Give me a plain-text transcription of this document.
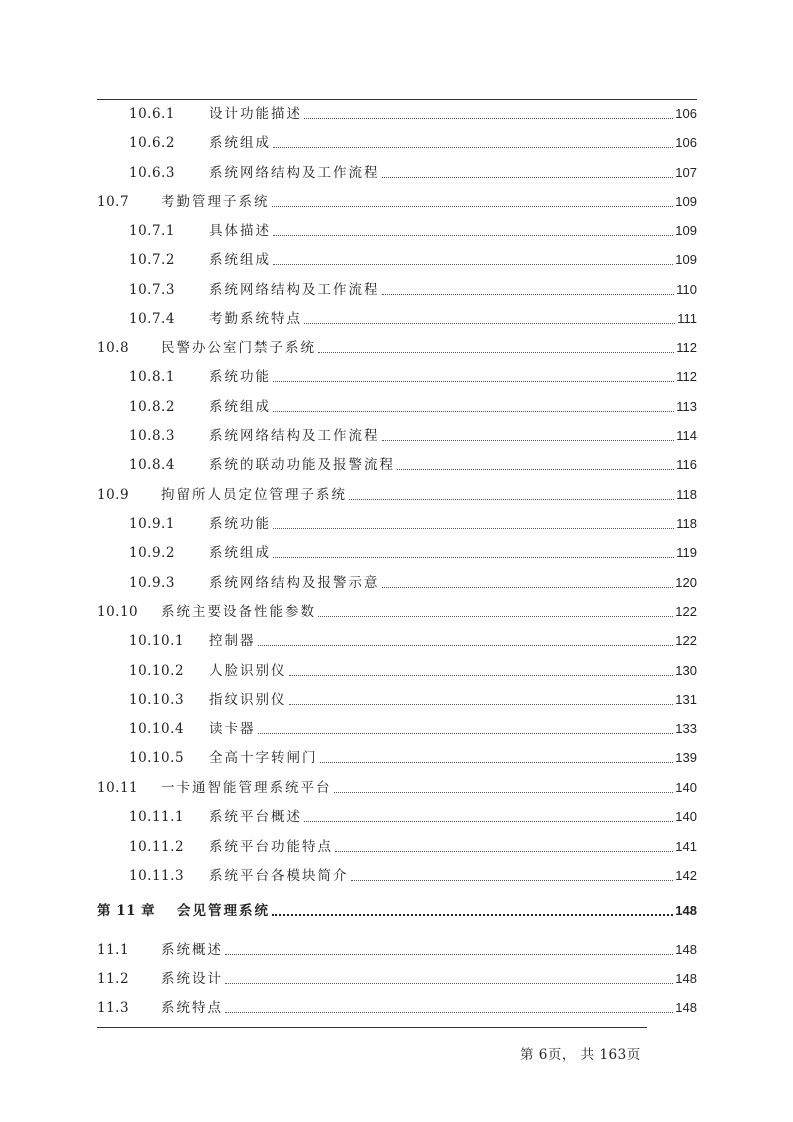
10.6.1	设计功能描述	106
10.6.2	系统组成	106
10.6.3	系统网络结构及工作流程	107
10.7	考勤管理子系统	109
10.7.1	具体描述	109
10.7.2	系统组成	109
10.7.3	系统网络结构及工作流程	110
10.7.4	考勤系统特点	111
10.8	民警办公室门禁子系统	112
10.8.1	系统功能	112
10.8.2	系统组成	113
10.8.3	系统网络结构及工作流程	114
10.8.4	系统的联动功能及报警流程	116
10.9	拘留所人员定位管理子系统	118
10.9.1	系统功能	118
10.9.2	系统组成	119
10.9.3	系统网络结构及报警示意	120
10.10	系统主要设备性能参数	122
10.10.1	控制器	122
10.10.2	人脸识别仪	130
10.10.3	指纹识别仪	131
10.10.4	读卡器	133
10.10.5	全高十字转闸门	139
10.11	一卡通智能管理系统平台	140
10.11.1	系统平台概述	140
10.11.2	系统平台功能特点	141
10.11.3	系统平台各模块简介	142
第 11 章	会见管理系统	148
11.1	系统概述	148
11.2	系统设计	148
11.3	系统特点	148
第 6页， 共 163页
